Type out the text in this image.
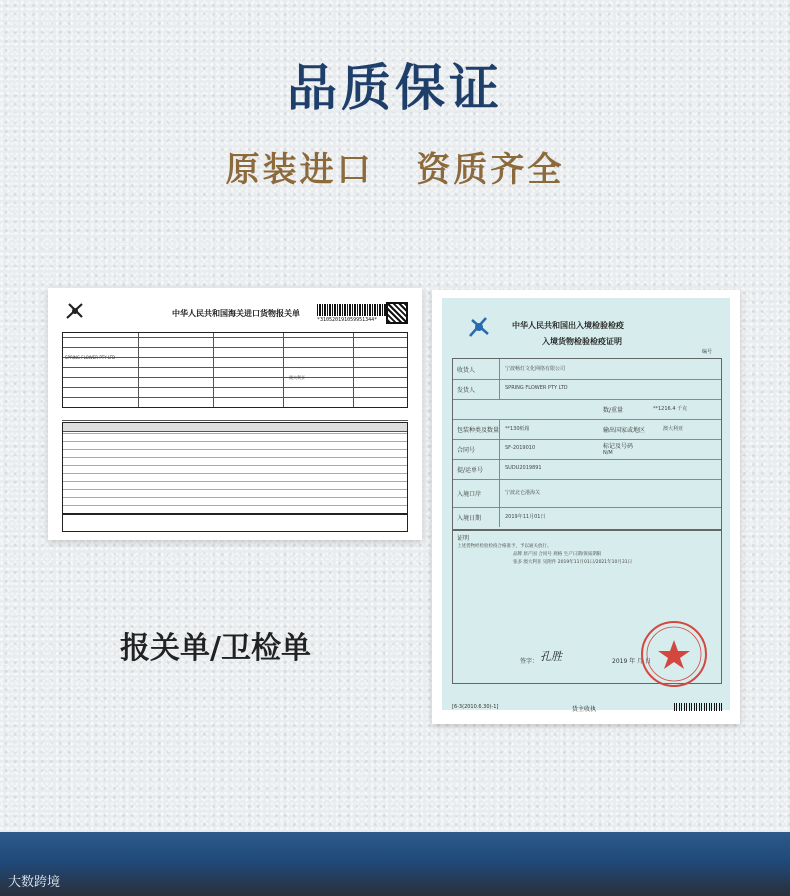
品质保证
原装进口 资质齐全
中华人民共和国海关进口货物报关单
*310520191059951344*
SPRING FLOWER PTY LTD
澳大利亚
报关单/卫检单
中华人民共和国出入境检验检疫
入境货物检验检疫证明
编号
收货人	宁波畅灯文化网络有限公司
发货人	SPRING FLOWER PTY LTD
数/重量	**1216.4 千克
包装种类及数量 **130纸箱	输出国家或地区	澳大利亚
合同号	SF-2019010	标记及号码
N/M
提/运单号	SUDU2019891
入境口岸	宁波北仑港海关
入境日期	2019年11月01日
证明
上述货物经检验检疫合格准予，予以通关放行。
品牌 原产国 合同号 规格 生产日期/保质期限
张多 澳大利亚 见附件 2019年11月01日/2021年10月31日
签字： 孔胜	2019 年 月 日
[6-3(2010.6.30)-1]	货主收执
大数跨境
